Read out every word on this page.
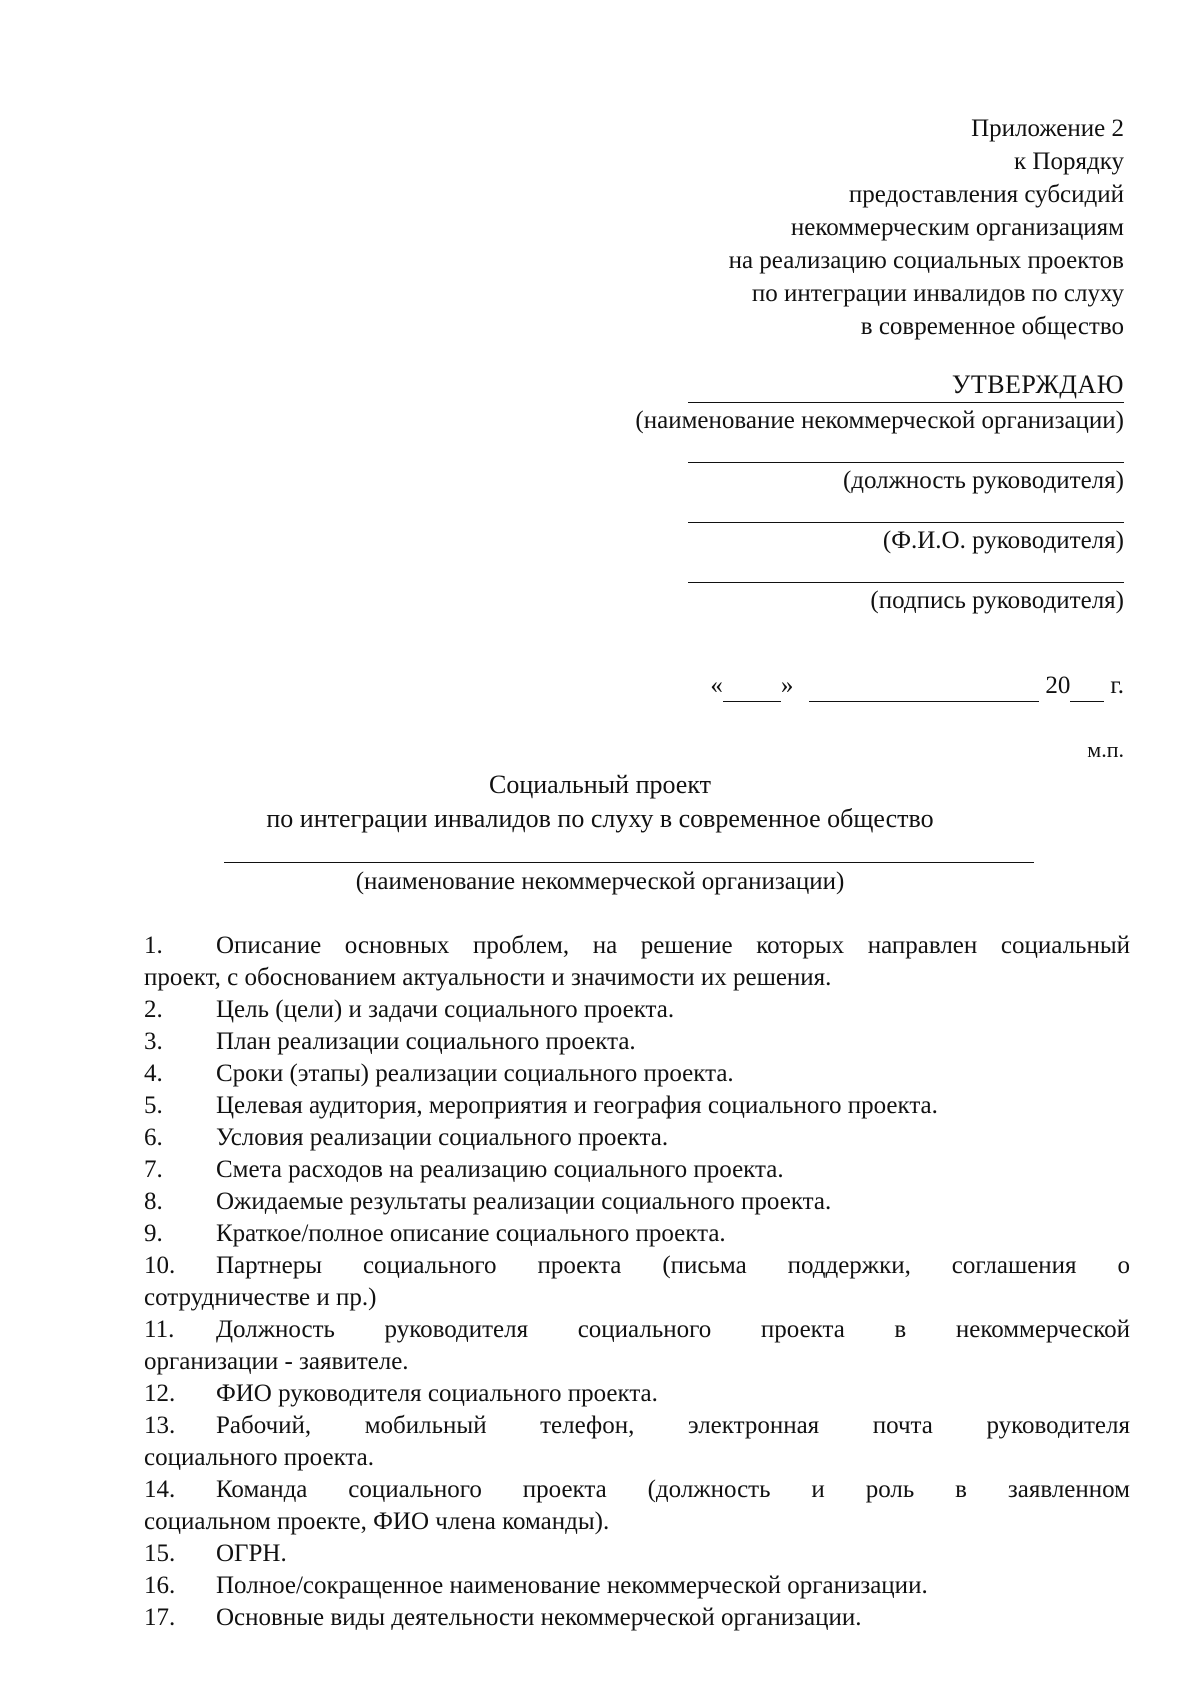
Приложение 2
к Порядку
предоставления субсидий
некоммерческим организациям
на реализацию социальных проектов
по интеграции инвалидов по слуху
в современное общество
УТВЕРЖДАЮ
(наименование некоммерческой организации)
(должность руководителя)
(Ф.И.О. руководителя)
(подпись руководителя)
« »	20 г.
м.п.
Социальный проект
по интеграции инвалидов по слуху в современное общество
(наименование некоммерческой организации)
1. Описание основных проблем, на решение которых направлен социальный
проект, с обоснованием актуальности и значимости их решения.
2. Цель (цели) и задачи социального проекта.
3. План реализации социального проекта.
4. Сроки (этапы) реализации социального проекта.
5. Целевая аудитория, мероприятия и география социального проекта.
6. Условия реализации социального проекта.
7. Смета расходов на реализацию социального проекта.
8. Ожидаемые результаты реализации социального проекта.
9. Краткое/полное описание социального проекта.
10. Партнеры социального проекта (письма поддержки, соглашения о
сотрудничестве и пр.)
11. Должность руководителя социального проекта в некоммерческой
организации - заявителе.
12. ФИО руководителя социального проекта.
13. Рабочий, мобильный телефон, электронная почта руководителя
социального проекта.
14. Команда социального проекта (должность и роль в заявленном
социальном проекте, ФИО члена команды).
15. ОГРН.
16. Полное/сокращенное наименование некоммерческой организации.
17. Основные виды деятельности некоммерческой организации.
